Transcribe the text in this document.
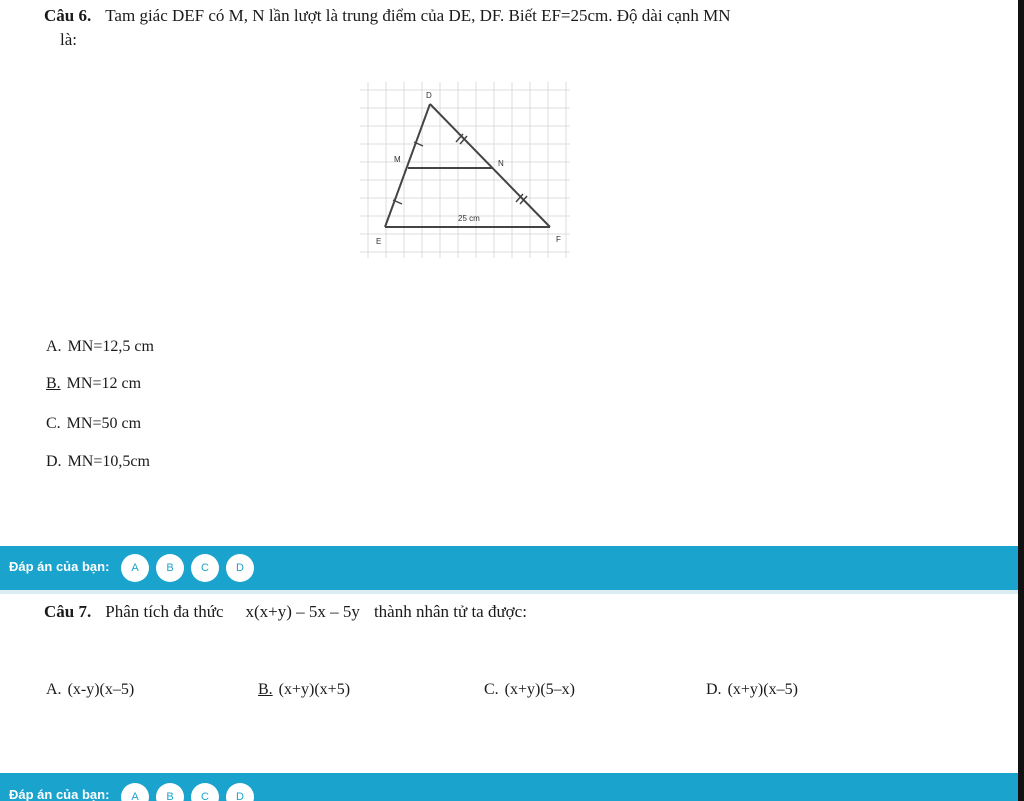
Câu 6. Tam giác DEF có M, N lần lượt là trung điểm của DE, DF. Biết EF=25cm. Độ dài cạnh MN
là:
D
M	N
E	F
25 cm
A. MN=12,5 cm
B. MN=12 cm
C. MN=50 cm
D. MN=10,5cm
Đáp án của bạn:	A	B	C	D
Câu 7. Phân tích đa thức x(x+y) – 5x – 5y thành nhân tử ta được:
A. (x-y)(x–5)	B. (x+y)(x+5)	C. (x+y)(5–x)	D. (x+y)(x–5)
Đáp án của bạn:	A	B	C	D
